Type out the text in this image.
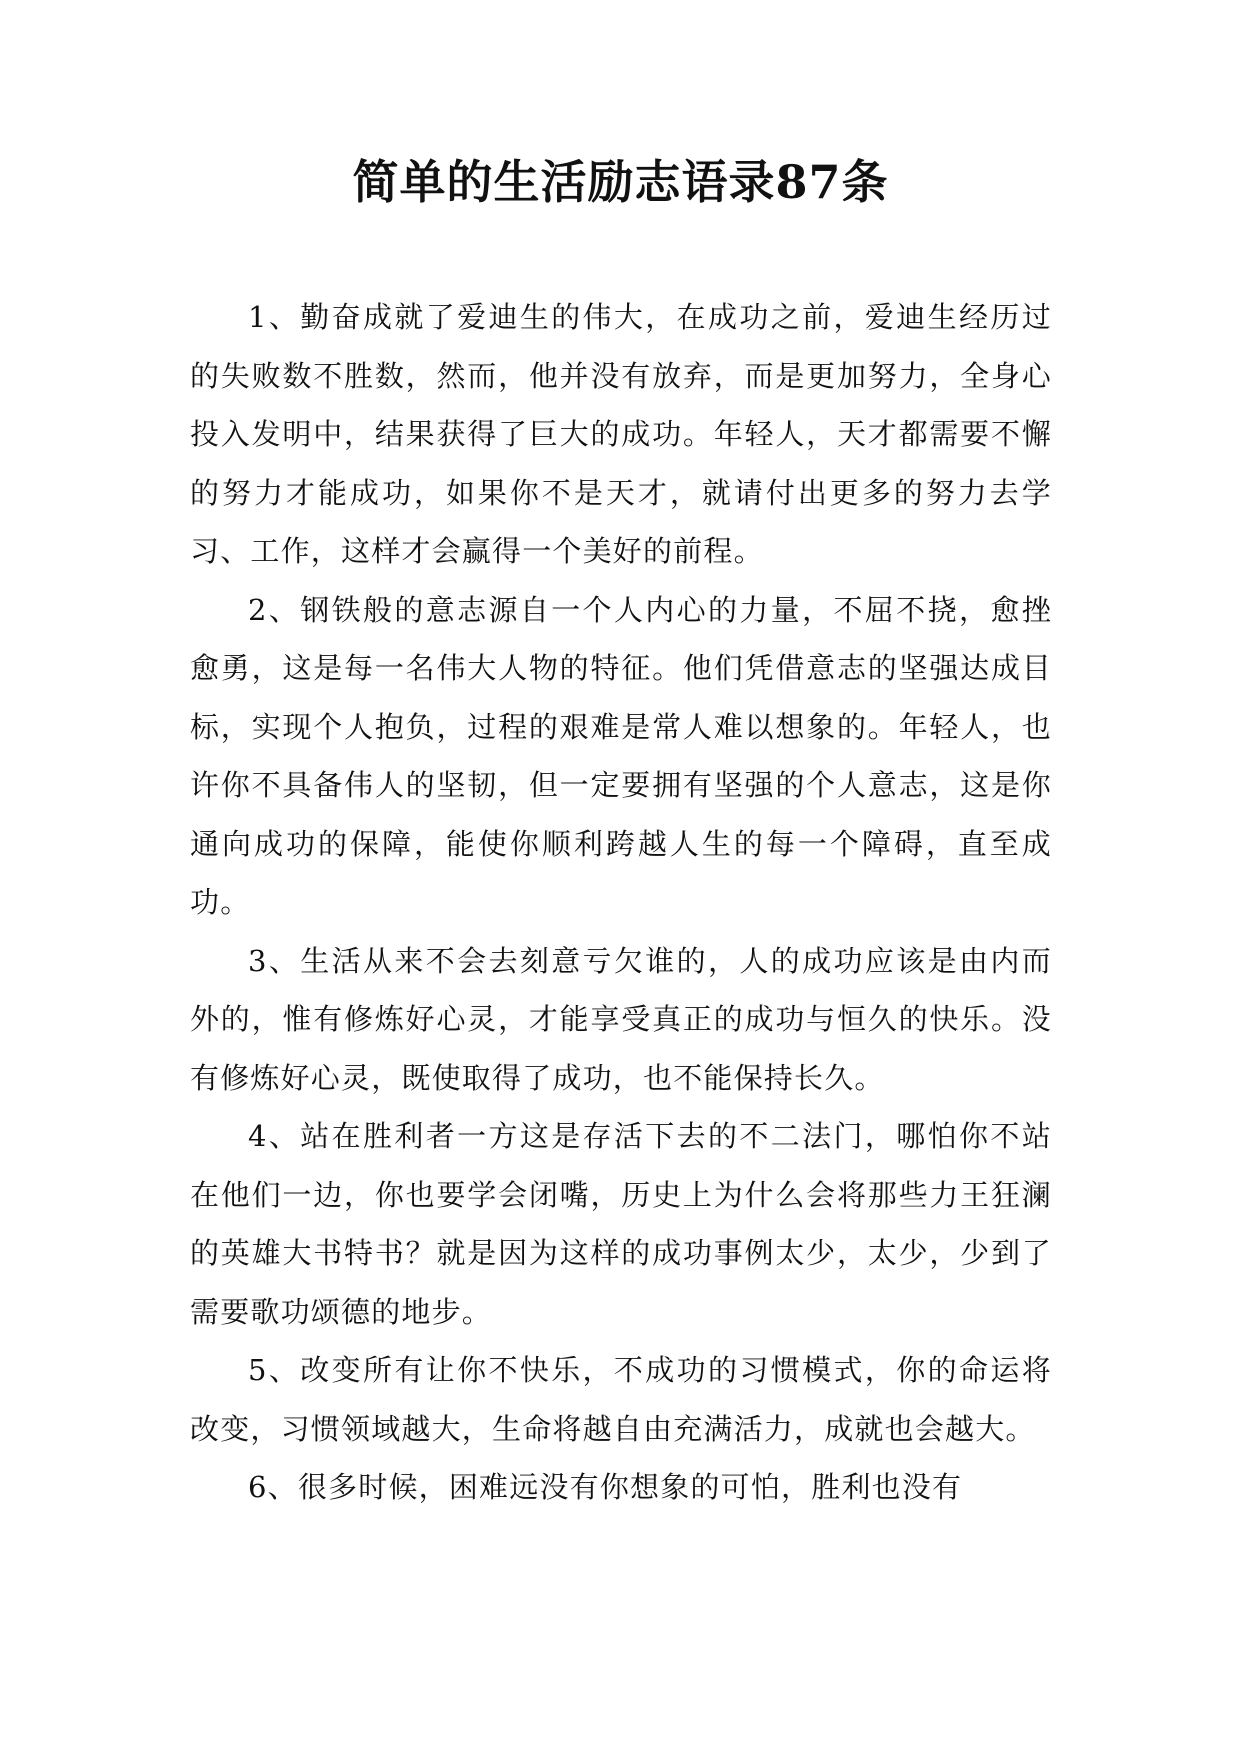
简单的生活励志语录87条

1、勤奋成就了爱迪生的伟大，在成功之前，爱迪生经历过的失败数不胜数，然而，他并没有放弃，而是更加努力，全身心投入发明中，结果获得了巨大的成功。年轻人，天才都需要不懈的努力才能成功，如果你不是天才，就请付出更多的努力去学习、工作，这样才会赢得一个美好的前程。

2、钢铁般的意志源自一个人内心的力量，不屈不挠，愈挫愈勇，这是每一名伟大人物的特征。他们凭借意志的坚强达成目标，实现个人抱负，过程的艰难是常人难以想象的。年轻人，也许你不具备伟人的坚韧，但一定要拥有坚强的个人意志，这是你通向成功的保障，能使你顺利跨越人生的每一个障碍，直至成功。

3、生活从来不会去刻意亏欠谁的，人的成功应该是由内而外的，惟有修炼好心灵，才能享受真正的成功与恒久的快乐。没有修炼好心灵，既使取得了成功，也不能保持长久。

4、站在胜利者一方这是存活下去的不二法门，哪怕你不站在他们一边，你也要学会闭嘴，历史上为什么会将那些力王狂澜的英雄大书特书？就是因为这样的成功事例太少，太少，少到了需要歌功颂德的地步。

5、改变所有让你不快乐，不成功的习惯模式，你的命运将改变，习惯领域越大，生命将越自由充满活力，成就也会越大。

6、很多时候，困难远没有你想象的可怕，胜利也没有
